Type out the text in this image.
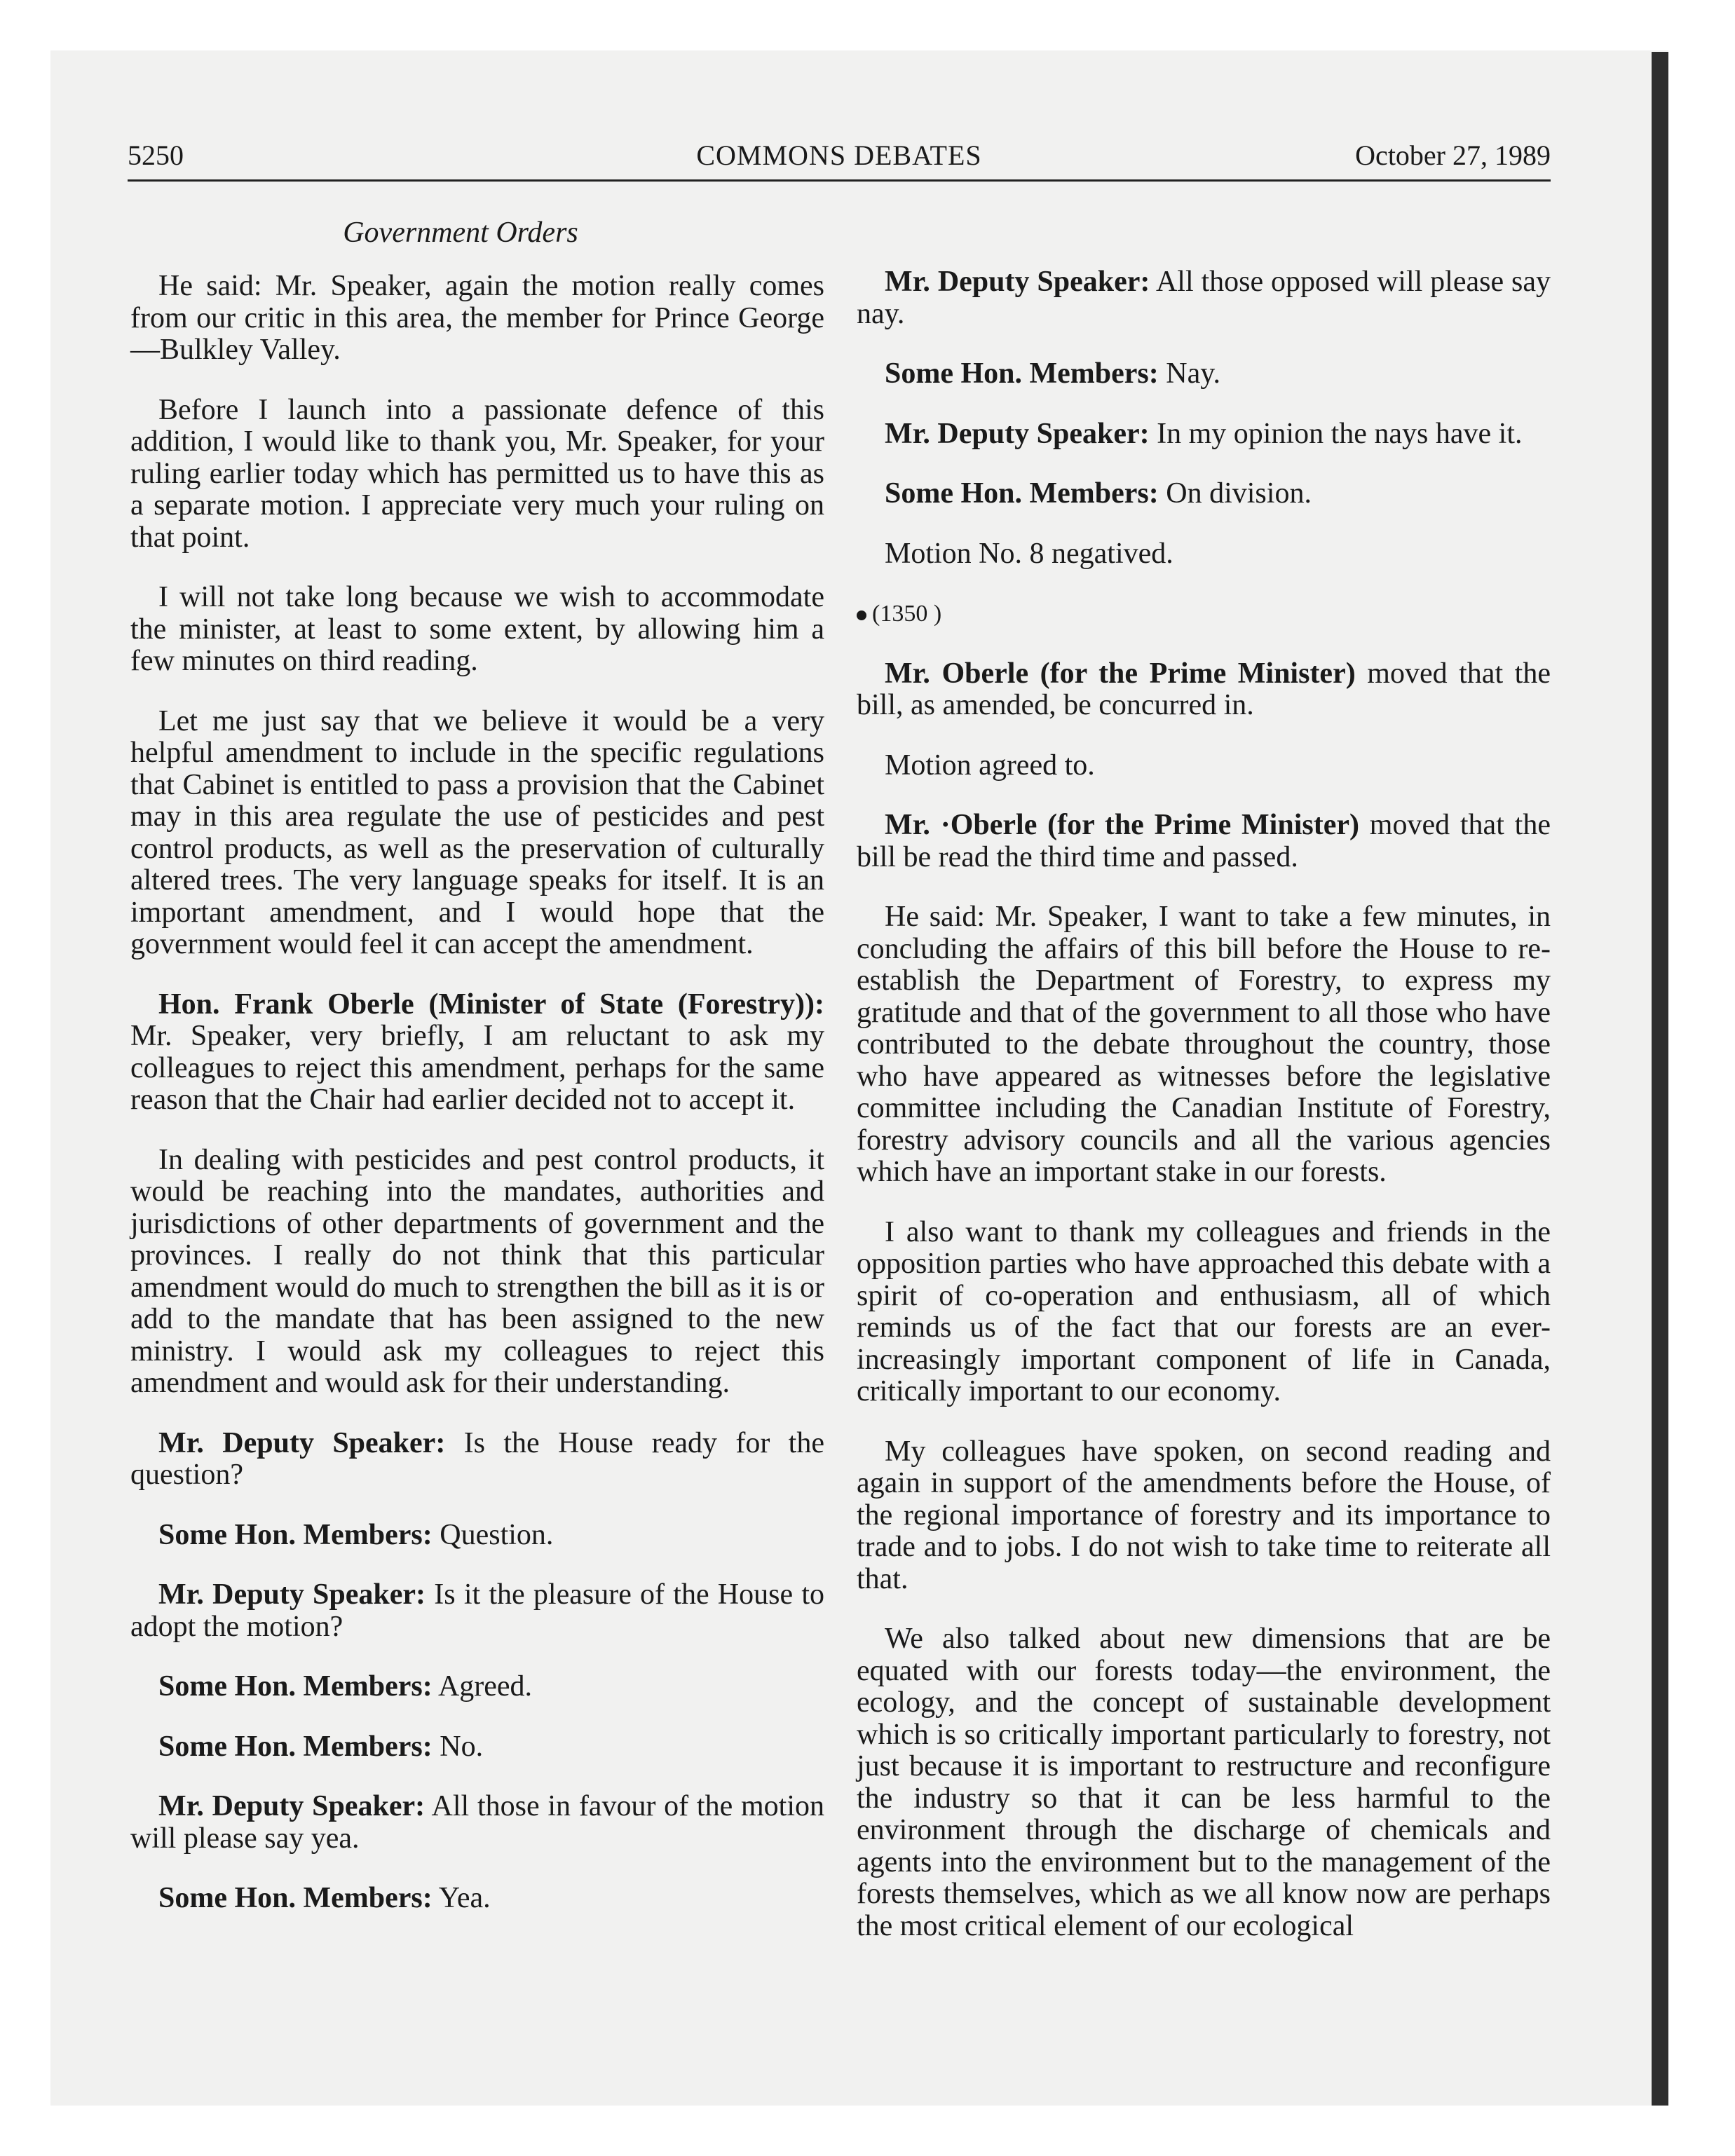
5250	COMMONS DEBATES	October 27, 1989
Government Orders

He said: Mr. Speaker, again the motion really comes from our critic in this area, the member for Prince George—Bulkley Valley.

Before I launch into a passionate defence of this addition, I would like to thank you, Mr. Speaker, for your ruling earlier today which has permitted us to have this as a separate motion. I appreciate very much your ruling on that point.

I will not take long because we wish to accommodate the minister, at least to some extent, by allowing him a few minutes on third reading.

Let me just say that we believe it would be a very helpful amendment to include in the specific regulations that Cabinet is entitled to pass a provision that the Cabinet may in this area regulate the use of pesticides and pest control products, as well as the preservation of culturally altered trees. The very language speaks for itself. It is an important amendment, and I would hope that the government would feel it can accept the amendment.

Hon. Frank Oberle (Minister of State (Forestry)): Mr. Speaker, very briefly, I am reluctant to ask my colleagues to reject this amendment, perhaps for the same reason that the Chair had earlier decided not to accept it.

In dealing with pesticides and pest control products, it would be reaching into the mandates, authorities and jurisdictions of other departments of government and the provinces. I really do not think that this particular amendment would do much to strengthen the bill as it is or add to the mandate that has been assigned to the new ministry. I would ask my colleagues to reject this amendment and would ask for their understanding.

Mr. Deputy Speaker: Is the House ready for the question?

Some Hon. Members: Question.

Mr. Deputy Speaker: Is it the pleasure of the House to adopt the motion?

Some Hon. Members: Agreed.

Some Hon. Members: No.

Mr. Deputy Speaker: All those in favour of the motion will please say yea.

Some Hon. Members: Yea.

Mr. Deputy Speaker: All those opposed will please say nay.

Some Hon. Members: Nay.

Mr. Deputy Speaker: In my opinion the nays have it.

Some Hon. Members: On division.

Motion No. 8 negatived.

(1350 )

Mr. Oberle (for the Prime Minister) moved that the bill, as amended, be concurred in.

Motion agreed to.

Mr. ·Oberle (for the Prime Minister) moved that the bill be read the third time and passed.

He said: Mr. Speaker, I want to take a few minutes, in concluding the affairs of this bill before the House to re-establish the Department of Forestry, to express my gratitude and that of the government to all those who have contributed to the debate throughout the country, those who have appeared as witnesses before the legislative committee including the Canadian Institute of Forestry, forestry advisory councils and all the various agencies which have an important stake in our forests.

I also want to thank my colleagues and friends in the opposition parties who have approached this debate with a spirit of co-operation and enthusiasm, all of which reminds us of the fact that our forests are an ever-increasingly important component of life in Canada, critically important to our economy.

My colleagues have spoken, on second reading and again in support of the amendments before the House, of the regional importance of forestry and its importance to trade and to jobs. I do not wish to take time to reiterate all that.

We also talked about new dimensions that are be equated with our forests today—the environment, the ecology, and the concept of sustainable development which is so critically important particularly to forestry, not just because it is important to restructure and reconfigure the industry so that it can be less harmful to the environment through the discharge of chemicals and agents into the environment but to the management of the forests themselves, which as we all know now are perhaps the most critical element of our ecological
